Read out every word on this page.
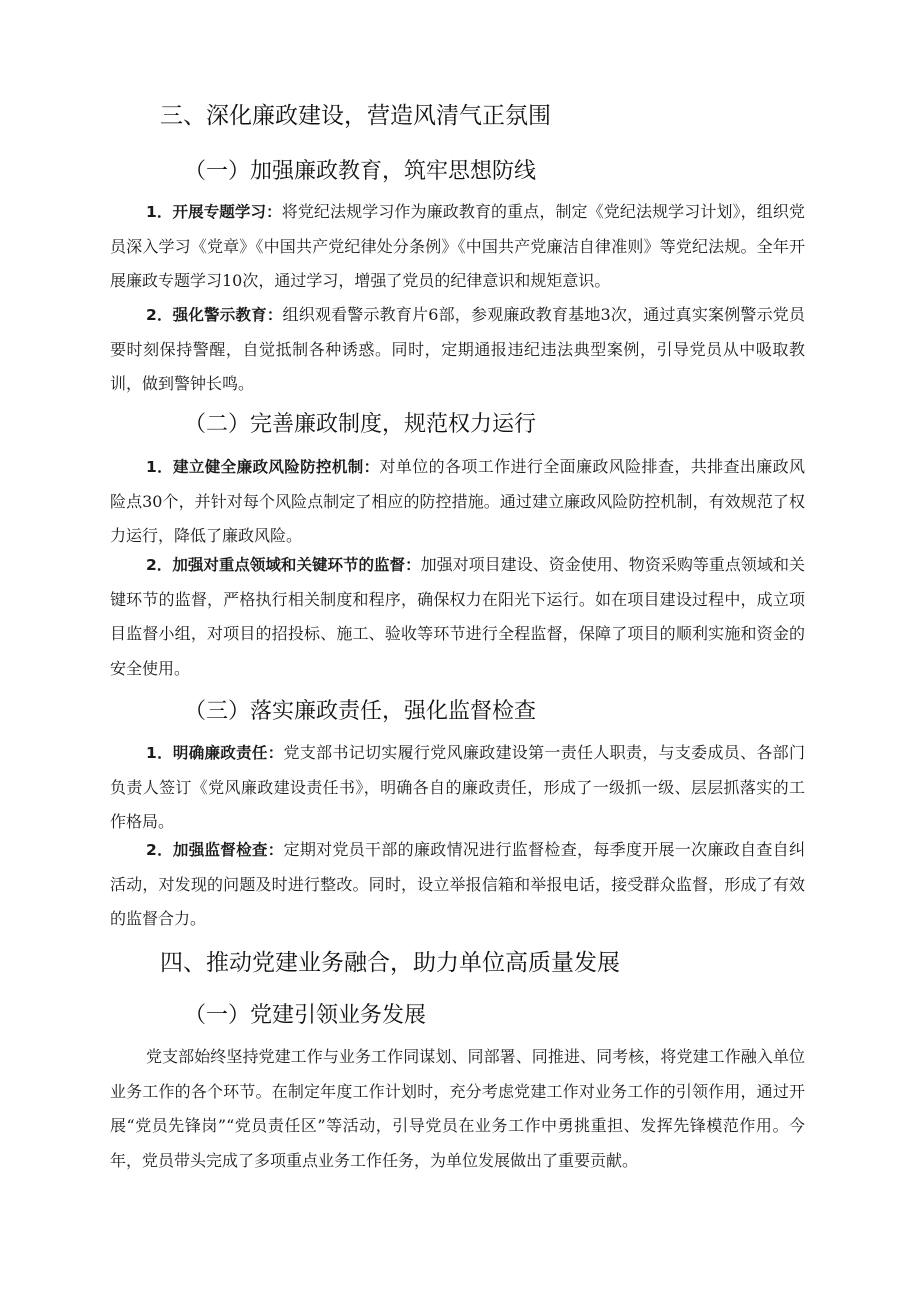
三、深化廉政建设，营造风清气正氛围
（一）加强廉政教育，筑牢思想防线

1．开展专题学习：将党纪法规学习作为廉政教育的重点，制定《党纪法规学习计划》，组织党员深入学习《党章》《中国共产党纪律处分条例》《中国共产党廉洁自律准则》等党纪法规。全年开展廉政专题学习10次，通过学习，增强了党员的纪律意识和规矩意识。

2．强化警示教育：组织观看警示教育片6部，参观廉政教育基地3次，通过真实案例警示党员要时刻保持警醒，自觉抵制各种诱惑。同时，定期通报违纪违法典型案例，引导党员从中吸取教训，做到警钟长鸣。

（二）完善廉政制度，规范权力运行

1．建立健全廉政风险防控机制：对单位的各项工作进行全面廉政风险排查，共排查出廉政风险点30个，并针对每个风险点制定了相应的防控措施。通过建立廉政风险防控机制，有效规范了权力运行，降低了廉政风险。

2．加强对重点领域和关键环节的监督：加强对项目建设、资金使用、物资采购等重点领域和关键环节的监督，严格执行相关制度和程序，确保权力在阳光下运行。如在项目建设过程中，成立项目监督小组，对项目的招投标、施工、验收等环节进行全程监督，保障了项目的顺利实施和资金的安全使用。

（三）落实廉政责任，强化监督检查

1．明确廉政责任：党支部书记切实履行党风廉政建设第一责任人职责，与支委成员、各部门负责人签订《党风廉政建设责任书》，明确各自的廉政责任，形成了一级抓一级、层层抓落实的工作格局。

2．加强监督检查：定期对党员干部的廉政情况进行监督检查，每季度开展一次廉政自查自纠活动，对发现的问题及时进行整改。同时，设立举报信箱和举报电话，接受群众监督，形成了有效的监督合力。

四、推动党建业务融合，助力单位高质量发展
（一）党建引领业务发展

党支部始终坚持党建工作与业务工作同谋划、同部署、同推进、同考核，将党建工作融入单位业务工作的各个环节。在制定年度工作计划时，充分考虑党建工作对业务工作的引领作用，通过开展“党员先锋岗”“党员责任区”等活动，引导党员在业务工作中勇挑重担、发挥先锋模范作用。今年，党员带头完成了多项重点业务工作任务，为单位发展做出了重要贡献。
